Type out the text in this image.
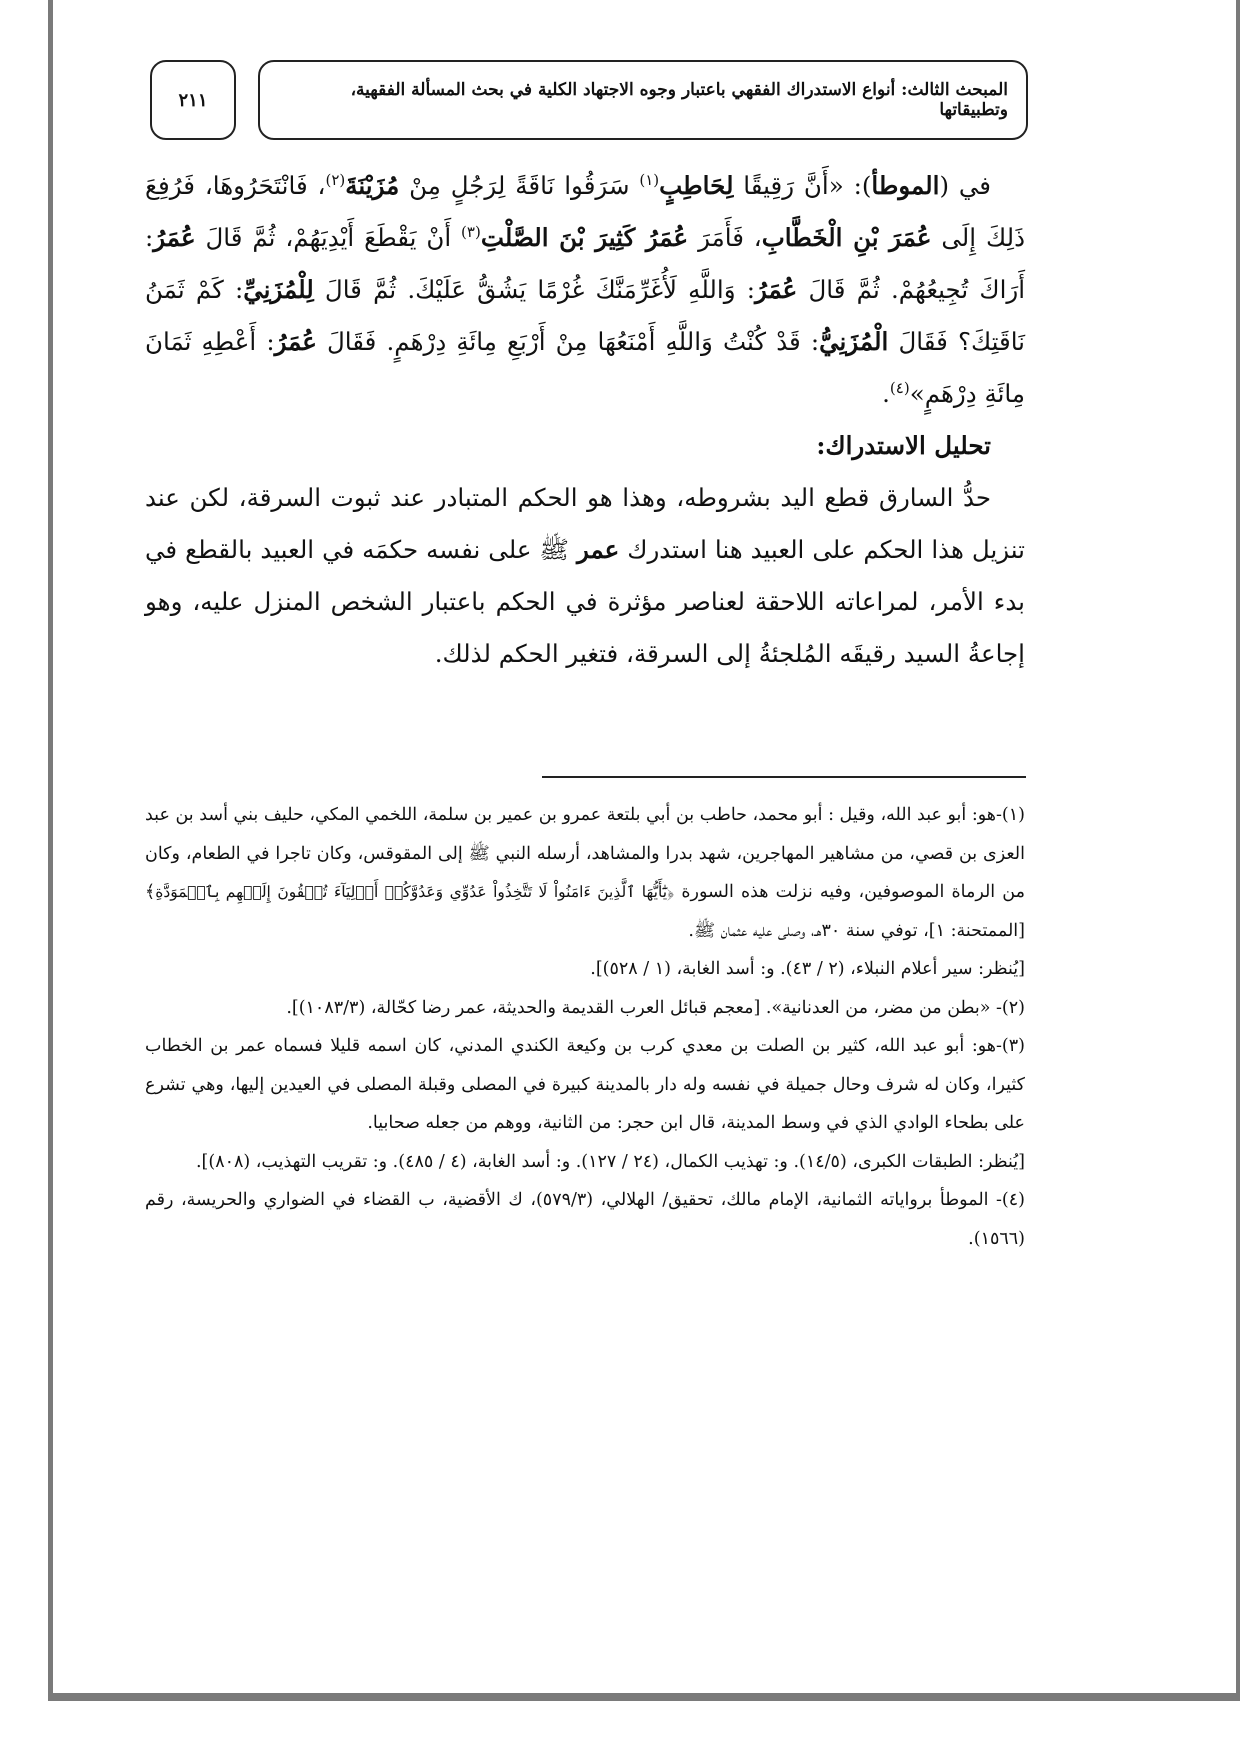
المبحث الثالث: أنواع الاستدراك الفقهي باعتبار وجوه الاجتهاد الكلية في بحث المسألة الفقهية، وتطبيقاتها
٢١١

في (الموطأ): «أَنَّ رَقِيقًا لِحَاطِبٍ$^{(١)}$ سَرَقُوا نَاقَةً لِرَجُلٍ مِنْ مُزَيْنَةَ$^{(٢)}$، فَانْتَحَرُوهَا، فَرُفِعَ ذَلِكَ إِلَى عُمَرَ بْنِ الْخَطَّابِ، فَأَمَرَ عُمَرُ كَثِيرَ بْنَ الصَّلْتِ$^{(٣)}$ أَنْ يَقْطَعَ أَيْدِيَهُمْ، ثُمَّ قَالَ عُمَرُ: أَرَاكَ تُجِيعُهُمْ. ثُمَّ قَالَ عُمَرُ: وَاللَّهِ لَأُغَرِّمَنَّكَ غُرْمًا يَشُقُّ عَلَيْكَ. ثُمَّ قَالَ لِلْمُزَنِيِّ: كَمْ ثَمَنُ نَاقَتِكَ؟ فَقَالَ الْمُزَنِيُّ: قَدْ كُنْتُ وَاللَّهِ أَمْنَعُهَا مِنْ أَرْبَعِ مِائَةِ دِرْهَمٍ. فَقَالَ عُمَرُ: أَعْطِهِ ثَمَانَ مِائَةِ دِرْهَمٍ»$^{(٤)}$.

تحليل الاستدراك:

حدُّ السارق قطع اليد بشروطه، وهذا هو الحكم المتبادر عند ثبوت السرقة، لكن عند تنزيل هذا الحكم على العبيد هنا استدرك عمر ﷺ على نفسه حكمَه في العبيد بالقطع في بدء الأمر، لمراعاته اللاحقة لعناصر مؤثرة في الحكم باعتبار الشخص المنزل عليه، وهو إجاعةُ السيد رقيقَه المُلجئةُ إلى السرقة، فتغير الحكم لذلك.

(١)-هو: أبو عبد الله، وقيل : أبو محمد، حاطب بن أبي بلتعة عمرو بن عمير بن سلمة، اللخمي المكي، حليف بني أسد بن عبد العزى بن قصي، من مشاهير المهاجرين، شهد بدرا والمشاهد، أرسله النبي ﷺ إلى المقوقس، وكان تاجرا في الطعام، وكان من الرماة الموصوفين، وفيه نزلت هذه السورة ﴿يَٰٓأَيُّهَا ٱلَّذِينَ ءَامَنُواْ لَا تَتَّخِذُواْ عَدُوِّي وَعَدُوَّكُمۡ أَوۡلِيَآءَ تُلۡقُونَ إِلَيۡهِم بِٱلۡمَوَدَّةِ﴾ [الممتحنة: ١]، توفي سنة ٣٠هـ، وصلى عليه عثمان ﷺ.

[يُنظر: سير أعلام النبلاء، (٢ / ٤٣). و: أسد الغابة، (١ / ٥٢٨)].

(٢)- «بطن من مضر، من العدنانية». [معجم قبائل العرب القديمة والحديثة، عمر رضا كحّالة، (١٠٨٣/٣)].

(٣)-هو: أبو عبد الله، كثير بن الصلت بن معدي كرب بن وكيعة الكندي المدني، كان اسمه قليلا فسماه عمر بن الخطاب كثيرا، وكان له شرف وحال جميلة في نفسه وله دار بالمدينة كبيرة في المصلى وقبلة المصلى في العيدين إليها، وهي تشرع على بطحاء الوادي الذي في وسط المدينة، قال ابن حجر: من الثانية، ووهم من جعله صحابيا.

[يُنظر: الطبقات الكبرى، (١٤/٥). و: تهذيب الكمال، (٢٤ / ١٢٧). و: أسد الغابة، (٤ / ٤٨٥). و: تقريب التهذيب، (٨٠٨)].

(٤)- الموطأ برواياته الثمانية، الإمام مالك، تحقيق/ الهلالي، (٥٧٩/٣)، ك الأقضية، ب القضاء في الضواري والحريسة، رقم (١٥٦٦).
